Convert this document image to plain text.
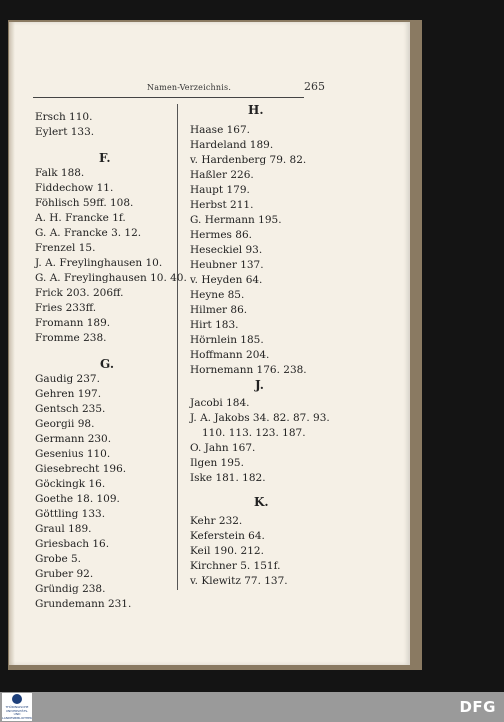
Namen-Verzeichnis.	265
Ersch 110.
Eylert 133.
F.
Falk 188.
Fiddechow 11.
Föhlisch 59ff. 108.
A. H. Francke 1f.
G. A. Francke 3. 12.
Frenzel 15.
J. A. Freylinghausen 10.
G. A. Freylinghausen 10. 40.
Frick 203. 206ff.
Fries 233ff.
Fromann 189.
Fromme 238.
G.
Gaudig 237.
Gehren 197.
Gentsch 235.
Georgii 98.
Germann 230.
Gesenius 110.
Giesebrecht 196.
Göckingk 16.
Goethe 18. 109.
Göttling 133.
Graul 189.
Griesbach 16.
Grobe 5.
Gruber 92.
Gründig 238.
Grundemann 231.
H.
Haase 167.
Hardeland 189.
v. Hardenberg 79. 82.
Haßler 226.
Haupt 179.
Herbst 211.
G. Hermann 195.
Hermes 86.
Heseckiel 93.
Heubner 137.
v. Heyden 64.
Heyne 85.
Hilmer 86.
Hirt 183.
Hörnlein 185.
Hoffmann 204.
Hornemann 176. 238.
J.
Jacobi 184.
J. A. Jakobs 34. 82. 87. 93.
110. 113. 123. 187.
O. Jahn 167.
Ilgen 195.
Iske 181. 182.
K.
Kehr 232.
Keferstein 64.
Keil 190. 212.
Kirchner 5. 151f.
v. Klewitz 77. 137.
THÜRINGISCHE UNIVERSITÄTS- UND LANDESBIBLIOTHEK
DFG
